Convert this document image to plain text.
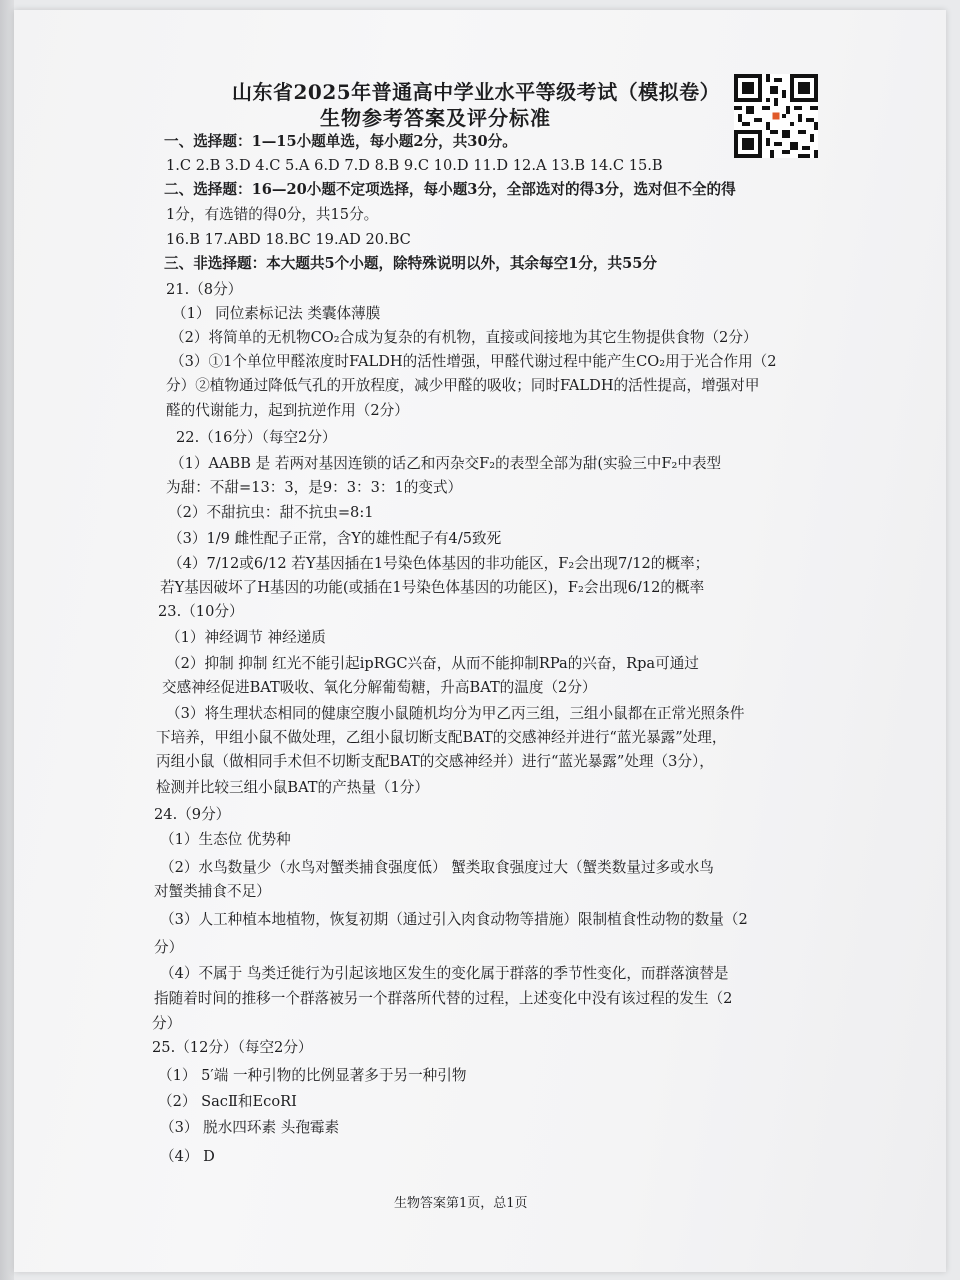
山东省2025年普通高中学业水平等级考试（模拟卷）
生物参考答案及评分标准
一、选择题：1—15小题单选，每小题2分，共30分。
1.C 2.B 3.D 4.C 5.A 6.D 7.D 8.B 9.C 10.D 11.D 12.A 13.B 14.C 15.B
二、选择题：16—20小题不定项选择，每小题3分，全部选对的得3分，选对但不全的得
1分，有选错的得0分，共15分。
16.B 17.ABD 18.BC 19.AD 20.BC
三、非选择题：本大题共5个小题，除特殊说明以外，其余每空1分，共55分
21.（8分）
（1） 同位素标记法 类囊体薄膜
（2）将简单的无机物CO₂合成为复杂的有机物，直接或间接地为其它生物提供食物（2分）
（3）①1个单位甲醛浓度时FALDH的活性增强，甲醛代谢过程中能产生CO₂用于光合作用（2
分）②植物通过降低气孔的开放程度，减少甲醛的吸收；同时FALDH的活性提高，增强对甲
醛的代谢能力，起到抗逆作用（2分）
22.（16分）（每空2分）
（1）AABB 是 若两对基因连锁的话乙和丙杂交F₂的表型全部为甜(实验三中F₂中表型
为甜：不甜=13：3，是9：3：3：1的变式）
（2）不甜抗虫：甜不抗虫=8:1
（3）1/9 雌性配子正常，含Y的雄性配子有4/5致死
（4）7/12或6/12 若Y基因插在1号染色体基因的非功能区，F₂会出现7/12的概率；
若Y基因破坏了H基因的功能(或插在1号染色体基因的功能区)，F₂会出现6/12的概率
23.（10分）
（1）神经调节 神经递质
（2）抑制 抑制 红光不能引起ipRGC兴奋，从而不能抑制RPa的兴奋，Rpa可通过
交感神经促进BAT吸收、氧化分解葡萄糖，升高BAT的温度（2分）
（3）将生理状态相同的健康空腹小鼠随机均分为甲乙丙三组，三组小鼠都在正常光照条件
下培养，甲组小鼠不做处理，乙组小鼠切断支配BAT的交感神经并进行“蓝光暴露”处理，
丙组小鼠（做相同手术但不切断支配BAT的交感神经并）进行“蓝光暴露”处理（3分），
检测并比较三组小鼠BAT的产热量（1分）
24.（9分）
（1）生态位 优势种
（2）水鸟数量少（水鸟对蟹类捕食强度低） 蟹类取食强度过大（蟹类数量过多或水鸟
对蟹类捕食不足）
（3）人工种植本地植物，恢复初期（通过引入肉食动物等措施）限制植食性动物的数量（2
分）
（4）不属于 鸟类迁徙行为引起该地区发生的变化属于群落的季节性变化，而群落演替是
指随着时间的推移一个群落被另一个群落所代替的过程，上述变化中没有该过程的发生（2
分）
25.（12分）（每空2分）
（1） 5′端 一种引物的比例显著多于另一种引物
（2） SacⅡ和EcoRⅠ
（3） 脱水四环素 头孢霉素
（4） D
生物答案第1页，总1页
